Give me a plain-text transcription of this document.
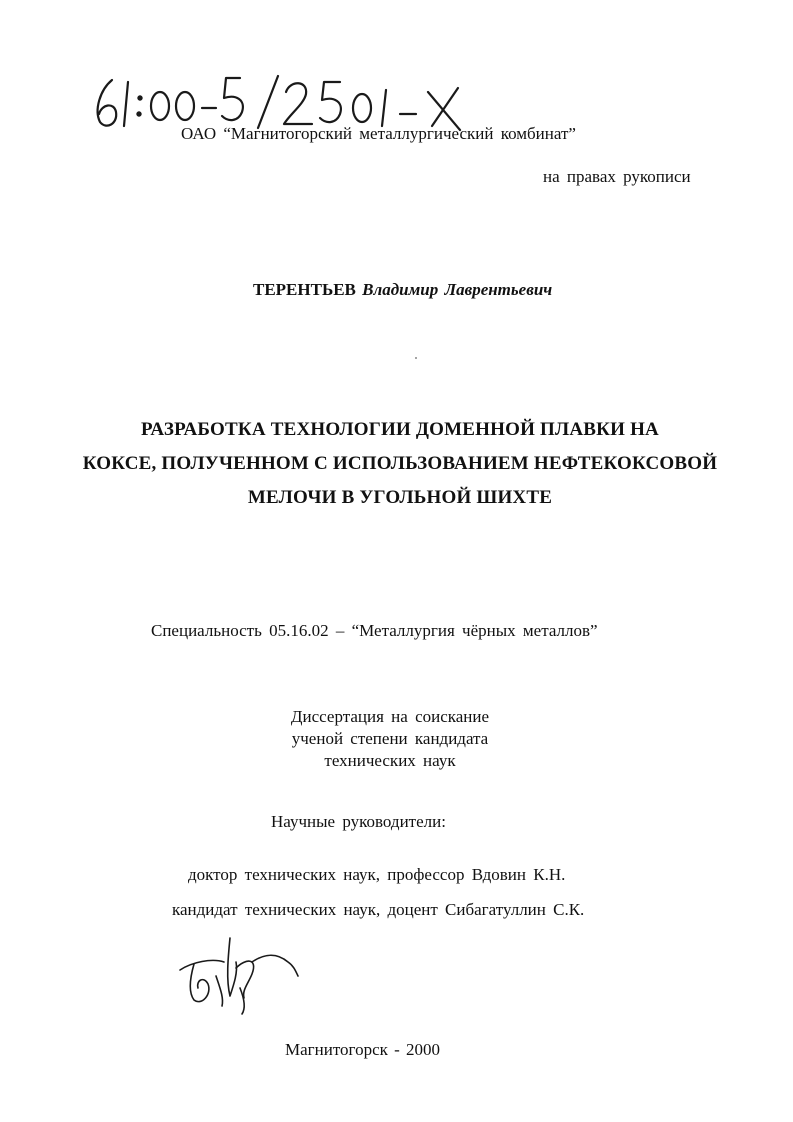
ОАО “Магнитогорский металлургический комбинат”
на правах рукописи
ТЕРЕНТЬЕВ Владимир Лаврентьевич
РАЗРАБОТКА ТЕХНОЛОГИИ ДОМЕННОЙ ПЛАВКИ НА
КОКСЕ, ПОЛУЧЕННОМ С ИСПОЛЬЗОВАНИЕМ НЕФТЕКОКСОВОЙ
МЕЛОЧИ В УГОЛЬНОЙ ШИХТЕ
Специальность 05.16.02 – “Металлургия чёрных металлов”
Диссертация на соискание
ученой степени кандидата
технических наук
Научные руководители:
доктор технических наук, профессор Вдовин К.Н.
кандидат технических наук, доцент Сибагатуллин С.К.
Магнитогорск - 2000
